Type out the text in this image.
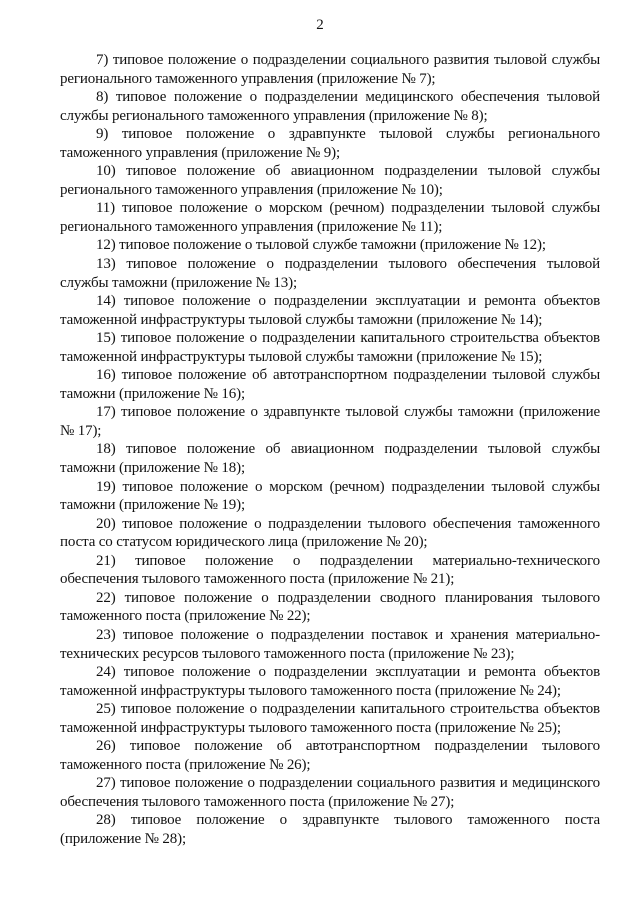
2

7) типовое положение о подразделении социального развития тыловой службы регионального таможенного управления (приложение № 7);

8) типовое положение о подразделении медицинского обеспечения тыловой службы регионального таможенного управления (приложение № 8);

9) типовое положение о здравпункте тыловой службы регионального таможенного управления (приложение № 9);

10) типовое положение об авиационном подразделении тыловой службы регионального таможенного управления (приложение № 10);

11) типовое положение о морском (речном) подразделении тыловой службы регионального таможенного управления (приложение № 11);

12) типовое положение о тыловой службе таможни (приложение № 12);

13) типовое положение о подразделении тылового обеспечения тыловой службы таможни (приложение № 13);

14) типовое положение о подразделении эксплуатации и ремонта объектов таможенной инфраструктуры тыловой службы таможни (приложение № 14);

15) типовое положение о подразделении капитального строительства объектов таможенной инфраструктуры тыловой службы таможни (приложение № 15);

16) типовое положение об автотранспортном подразделении тыловой службы таможни (приложение № 16);

17) типовое положение о здравпункте тыловой службы таможни (приложение № 17);

18) типовое положение об авиационном подразделении тыловой службы таможни (приложение № 18);

19) типовое положение о морском (речном) подразделении тыловой службы таможни (приложение № 19);

20) типовое положение о подразделении тылового обеспечения таможенного поста со статусом юридического лица (приложение № 20);

21) типовое положение о подразделении материально-технического обеспечения тылового таможенного поста (приложение № 21);

22) типовое положение о подразделении сводного планирования тылового таможенного поста (приложение № 22);

23) типовое положение о подразделении поставок и хранения материально-технических ресурсов тылового таможенного поста (приложение № 23);

24) типовое положение о подразделении эксплуатации и ремонта объектов таможенной инфраструктуры тылового таможенного поста (приложение № 24);

25) типовое положение о подразделении капитального строительства объектов таможенной инфраструктуры тылового таможенного поста (приложение № 25);

26) типовое положение об автотранспортном подразделении тылового таможенного поста (приложение № 26);

27) типовое положение о подразделении социального развития и медицинского обеспечения тылового таможенного поста (приложение № 27);

28) типовое положение о здравпункте тылового таможенного поста (приложение № 28);
